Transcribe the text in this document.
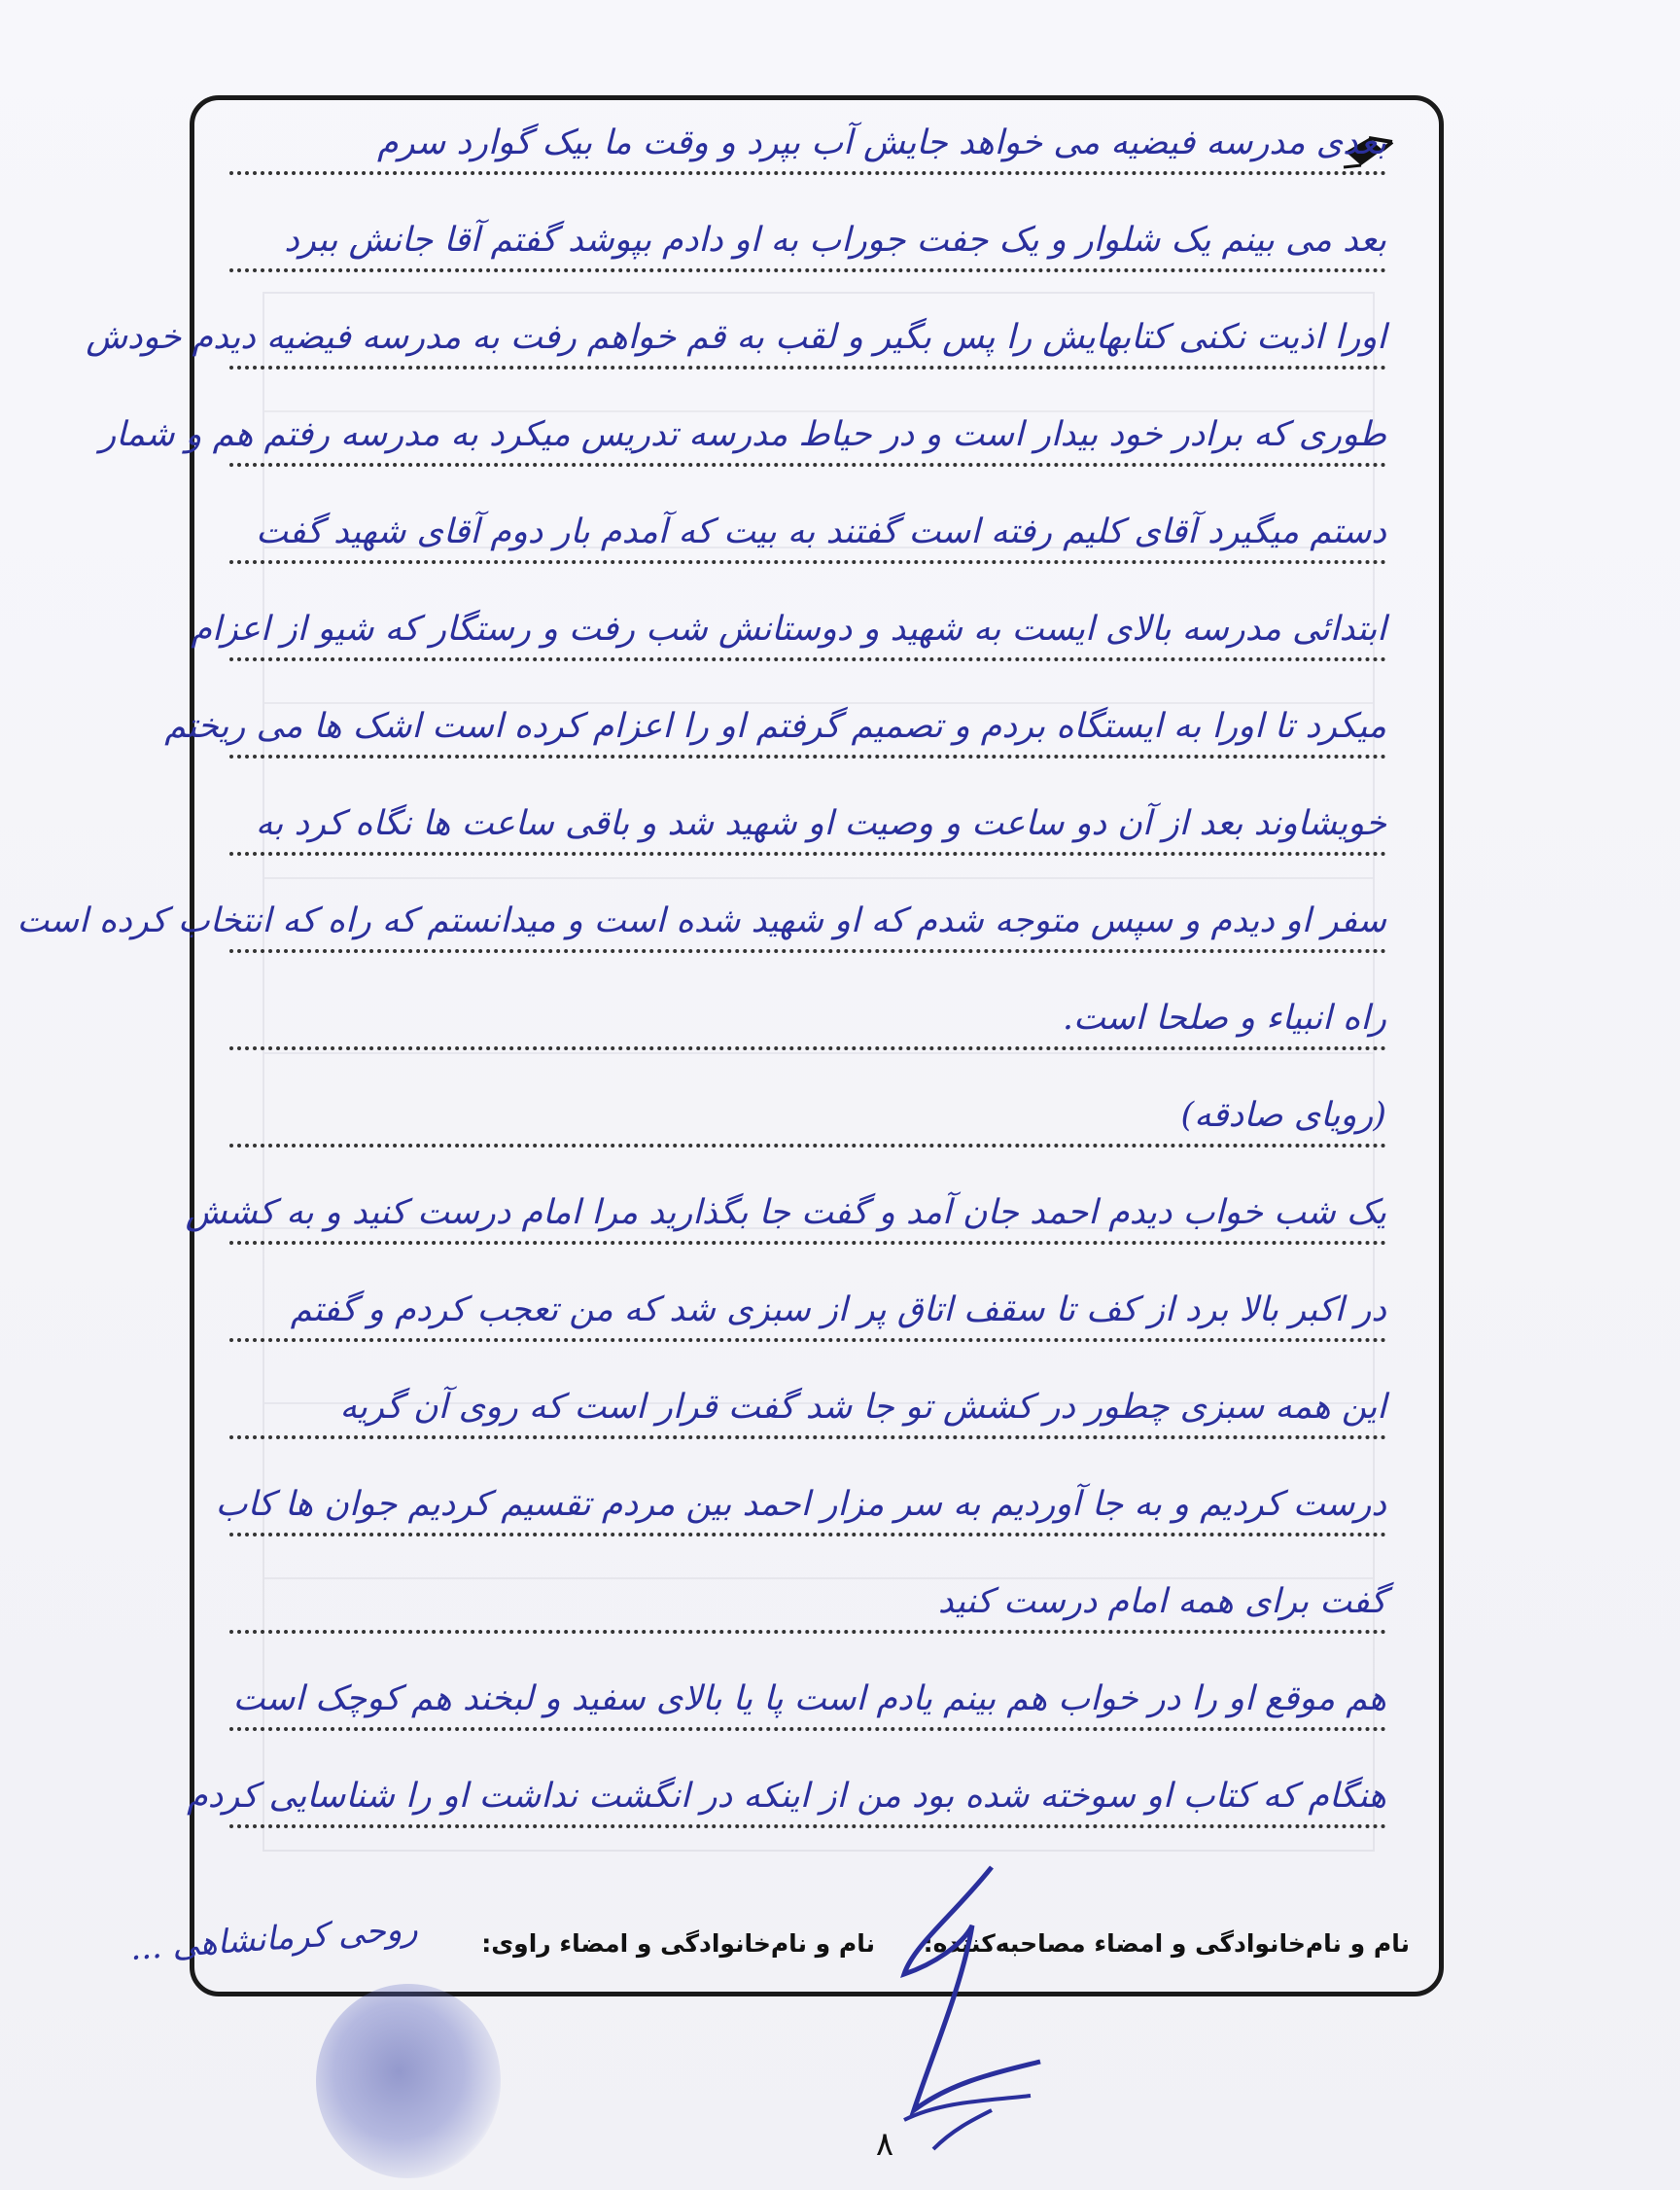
بعدی مدرسه فیضیه می خواهد جایش آب بپرد و وقت ما بیک گوارد سرم
بعد می بینم یک شلوار و یک جفت جوراب به او دادم بپوشد گفتم آقا جانش ببرد
اورا اذیت نکنی کتابهایش را پس بگیر و لقب به قم خواهم رفت به مدرسه فیضیه دیدم خودش
طوری که برادر خود بیدار است و در حیاط مدرسه تدریس میکرد به مدرسه رفتم هم و شمار
دستم میگیرد آقای کلیم رفته است گفتند به بیت که آمدم بار دوم آقای شهید گفت
ابتدائی مدرسه بالای ایست به شهید و دوستانش شب رفت و رستگار که شیو از اعزام
میکرد تا اورا به ایستگاه بردم و تصمیم گرفتم او را اعزام کرده است اشک ها می ریختم
خویشاوند بعد از آن دو ساعت و وصیت او شهید شد و باقی ساعت ها نگاه کرد به
سفر او دیدم و سپس متوجه شدم که او شهید شده است و میدانستم که راه که انتخاب کرده است
راه انبیاء و صلحا است.
(رویای صادقه)
یک شب خواب دیدم احمد جان آمد و گفت جا بگذارید مرا امام درست کنید و به کشش
در اکبر بالا برد از کف تا سقف اتاق پر از سبزی شد که من تعجب کردم و گفتم
این همه سبزی چطور در کشش تو جا شد گفت قرار است که روی آن گریه
درست کردیم و به جا آوردیم به سر مزار احمد بین مردم تقسیم کردیم جوان ها کاب
گفت برای همه امام درست کنید
هم موقع او را در خواب هم بینم یادم است پا یا بالای سفید و لبخند هم کوچک است
هنگام که کتاب او سوخته شده بود من از اینکه در انگشت نداشت او را شناسایی کردم
نام و نام‌خانوادگی و امضاء مصاحبه‌کننده:
نام و نام‌خانوادگی و امضاء راوی:
روحی کرمانشاهی ...
۸
